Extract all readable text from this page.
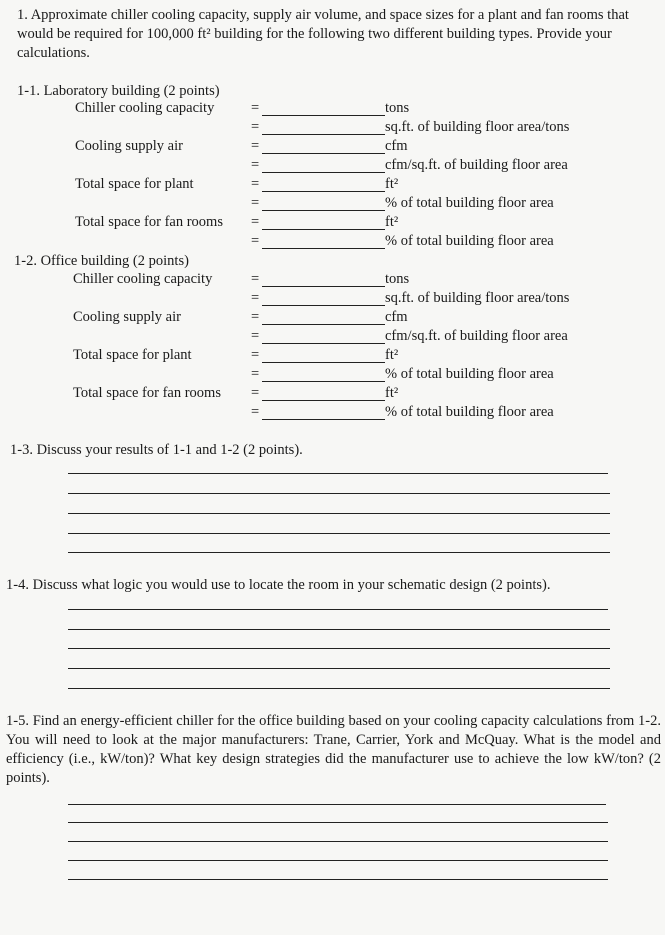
1. Approximate chiller cooling capacity, supply air volume, and space sizes for a plant and fan rooms that would be required for 100,000 ft² building for the following two different building types. Provide your calculations.
1-1. Laboratory building (2 points)
Chiller cooling capacity	=	tons
=	sq.ft. of building floor area/tons
Cooling supply air	=	cfm
=	cfm/sq.ft. of building floor area
Total space for plant	=	ft²
=	% of total building floor area
Total space for fan rooms =	ft²
=	% of total building floor area
1-2. Office building (2 points)
Chiller cooling capacity	=	tons
=	sq.ft. of building floor area/tons
Cooling supply air	=	cfm
=	cfm/sq.ft. of building floor area
Total space for plant	=	ft²
=	% of total building floor area
Total space for fan rooms =	ft²
=	% of total building floor area
1-3. Discuss your results of 1-1 and 1-2 (2 points).
1-4. Discuss what logic you would use to locate the room in your schematic design (2 points).
1-5. Find an energy-efficient chiller for the office building based on your cooling capacity calculations from 1-2. You will need to look at the major manufacturers: Trane, Carrier, York and McQuay. What is the model and efficiency (i.e., kW/ton)? What key design strategies did the manufacturer use to achieve the low kW/ton? (2 points).
